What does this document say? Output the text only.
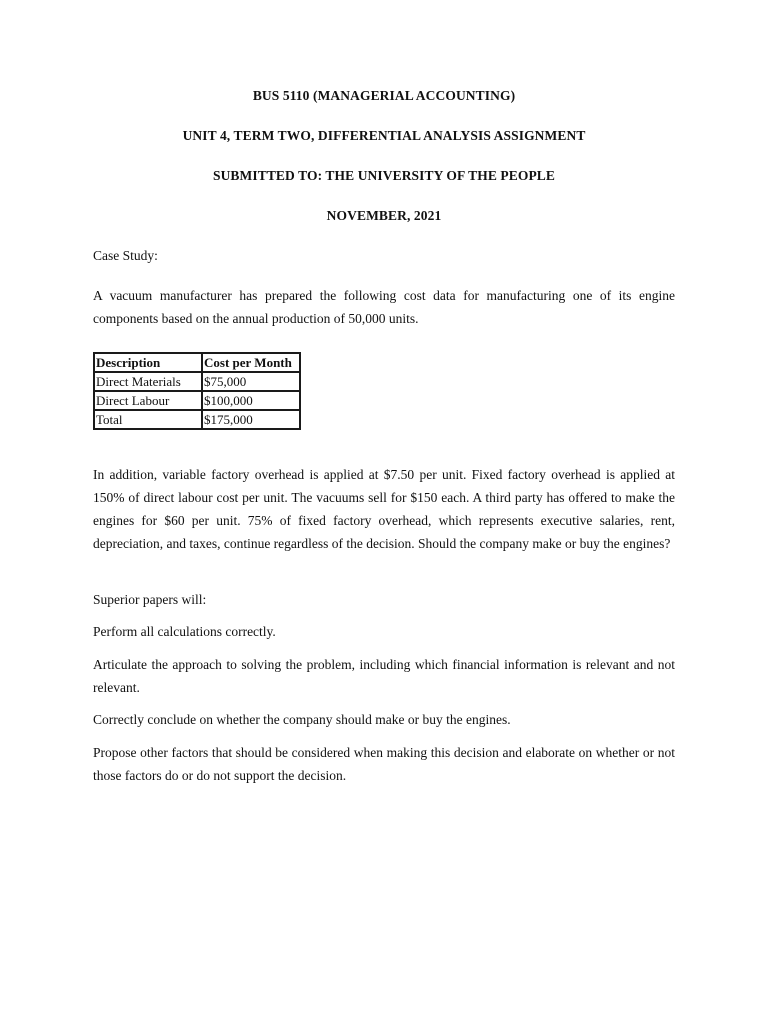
BUS 5110 (MANAGERIAL ACCOUNTING)
UNIT 4, TERM TWO, DIFFERENTIAL ANALYSIS ASSIGNMENT
SUBMITTED TO: THE UNIVERSITY OF THE PEOPLE
NOVEMBER, 2021
Case Study:
A vacuum manufacturer has prepared the following cost data for manufacturing one of its engine components based on the annual production of 50,000 units.
Description	Cost per Month
Direct Materials	$75,000
Direct Labour	$100,000
Total	$175,000
In addition, variable factory overhead is applied at $7.50 per unit. Fixed factory overhead is applied at 150% of direct labour cost per unit. The vacuums sell for $150 each. A third party has offered to make the engines for $60 per unit. 75% of fixed factory overhead, which represents executive salaries, rent, depreciation, and taxes, continue regardless of the decision. Should the company make or buy the engines?
Superior papers will:
Perform all calculations correctly.
Articulate the approach to solving the problem, including which financial information is relevant and not relevant.
Correctly conclude on whether the company should make or buy the engines.
Propose other factors that should be considered when making this decision and elaborate on whether or not those factors do or do not support the decision.
